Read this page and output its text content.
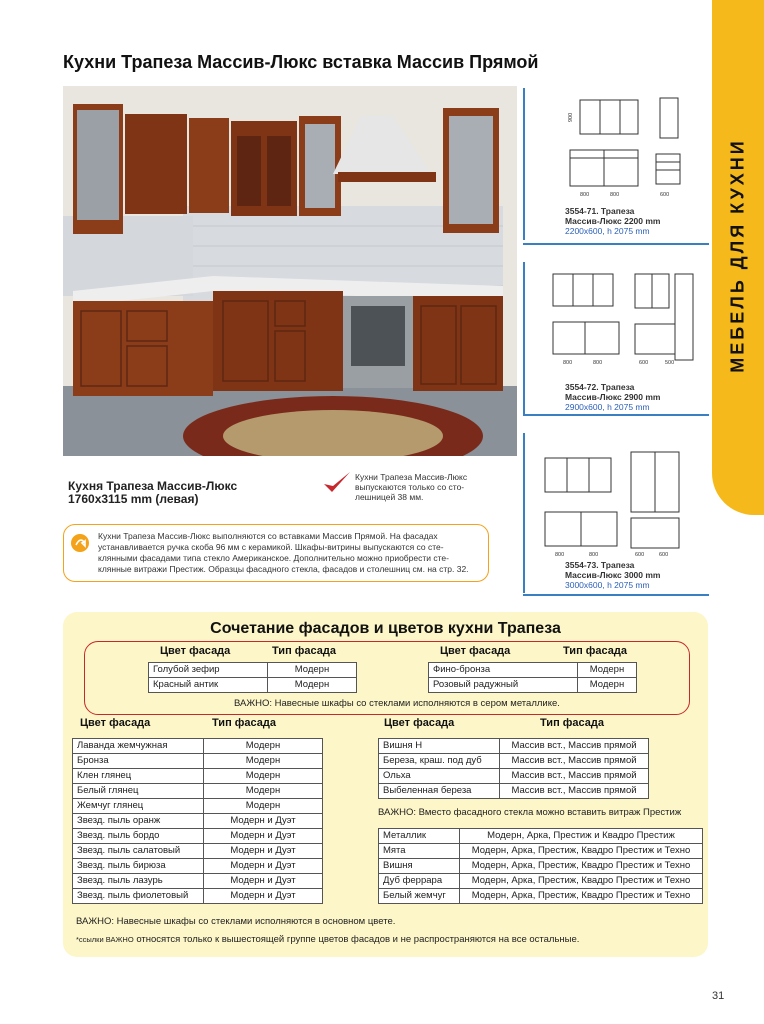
МЕБЕЛЬ ДЛЯ КУХНИ
Кухни Трапеза Массив-Люкс вставка Массив Прямой
Кухня Трапеза Массив-Люкс
1760х3115 mm (левая)
Кухни Трапеза Массив-Люкс
выпускаются только со сто-
лешницей 38 мм.
Кухни Трапеза Массив-Люкс выполняются со вставками Массив Прямой. На фасадах
устанавливается ручка скоба 96 мм с керамикой. Шкафы-витрины выпускаются со сте-
клянными фасадами типа стекло Американское. Дополнительно можно приобрести сте-
клянные витражи Престиж. Образцы фасадного стекла, фасадов и столешниц см. на стр. 32.
800	800	600
900
3554-71. Трапеза
Массив-Люкс 2200 mm
2200х600, h 2075 mm
800	800	600	500
3554-72. Трапеза
Массив-Люкс 2900 mm
2900х600, h 2075 mm
800	800	600	600
3554-73. Трапеза
Массив-Люкс 3000 mm
3000х600, h 2075 mm
Сочетание фасадов и цветов кухни Трапеза
Цвет фасада	Тип фасада	Цвет фасада	Тип фасада
Голубой зефир	Модерн
Красный антик	Модерн
Фино-бронза	Модерн
Розовый радужный	Модерн
ВАЖНО: Навесные шкафы со стеклами исполняются в сером металлике.
Цвет фасада	Тип фасада	Цвет фасада	Тип фасада
Лаванда жемчужная	Модерн
Бронза	Модерн
Клен глянец	Модерн
Белый глянец	Модерн
Жемчуг глянец	Модерн
Звезд. пыль оранж	Модерн и Дуэт
Звезд. пыль бордо	Модерн и Дуэт
Звезд. пыль салатовый	Модерн и Дуэт
Звезд. пыль бирюза	Модерн и Дуэт
Звезд. пыль лазурь	Модерн и Дуэт
Звезд. пыль фиолетовый	Модерн и Дуэт
Вишня Н	Массив вст., Массив прямой
Береза, краш. под дуб	Массив вст., Массив прямой
Ольха	Массив вст., Массив прямой
Выбеленная береза	Массив вст., Массив прямой
ВАЖНО: Вместо фасадного стекла можно вставить витраж Престиж
Металлик	Модерн, Арка, Престиж и Квадро Престиж
Мята	Модерн, Арка, Престиж, Квадро Престиж и Техно
Вишня	Модерн, Арка, Престиж, Квадро Престиж и Техно
Дуб феррара	Модерн, Арка, Престиж, Квадро Престиж и Техно
Белый жемчуг	Модерн, Арка, Престиж, Квадро Престиж и Техно
ВАЖНО: Навесные шкафы со стеклами исполняются в основном цвете.
*ссылки ВАЖНО относятся только к вышестоящей группе цветов фасадов и не распространяются на все остальные.
31
